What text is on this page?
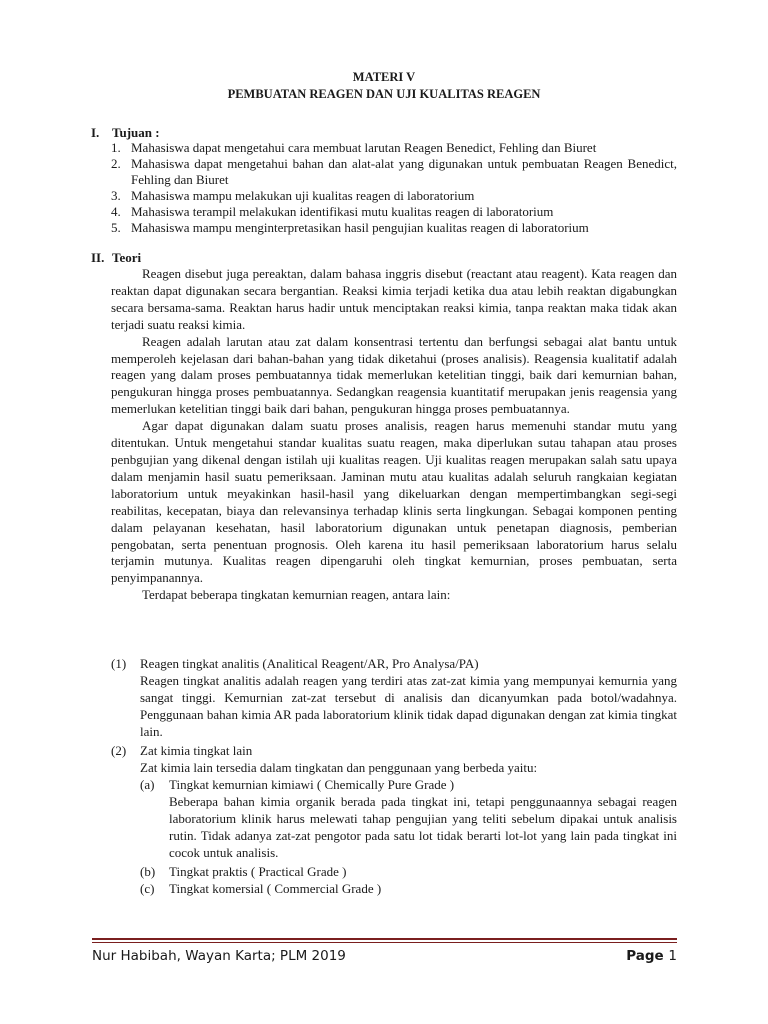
MATERI V
PEMBUATAN REAGEN DAN UJI KUALITAS REAGEN
I. Tujuan :
1. Mahasiswa dapat mengetahui cara membuat larutan Reagen Benedict, Fehling dan Biuret
2. Mahasiswa dapat mengetahui bahan dan alat-alat yang digunakan untuk pembuatan Reagen Benedict, Fehling dan Biuret
3. Mahasiswa mampu melakukan uji kualitas reagen di laboratorium
4. Mahasiswa terampil melakukan identifikasi mutu kualitas reagen di laboratorium
5. Mahasiswa mampu menginterpretasikan hasil pengujian kualitas reagen di laboratorium
II. Teori

Reagen disebut juga pereaktan, dalam bahasa inggris disebut (reactant atau reagent). Kata reagen dan reaktan dapat digunakan secara bergantian. Reaksi kimia terjadi ketika dua atau lebih reaktan digabungkan secara bersama-sama. Reaktan harus hadir untuk menciptakan reaksi kimia, tanpa reaktan maka tidak akan terjadi suatu reaksi kimia.

Reagen adalah larutan atau zat dalam konsentrasi tertentu dan berfungsi sebagai alat bantu untuk memperoleh kejelasan dari bahan-bahan yang tidak diketahui (proses analisis). Reagensia kualitatif adalah reagen yang dalam proses pembuatannya tidak memerlukan ketelitian tinggi, baik dari kemurnian bahan, pengukuran hingga proses pembuatannya. Sedangkan reagensia kuantitatif merupakan jenis reagensia yang memerlukan ketelitian tinggi baik dari bahan, pengukuran hingga proses pembuatannya.

Agar dapat digunakan dalam suatu proses analisis, reagen harus memenuhi standar mutu yang ditentukan. Untuk mengetahui standar kualitas suatu reagen, maka diperlukan sutau tahapan atau proses penbgujian yang dikenal dengan istilah uji kualitas reagen. Uji kualitas reagen merupakan salah satu upaya dalam menjamin hasil suatu pemeriksaan. Jaminan mutu atau kualitas adalah seluruh rangkaian kegiatan laboratorium untuk meyakinkan hasil-hasil yang dikeluarkan dengan mempertimbangkan segi-segi reabilitas, kecepatan, biaya dan relevansinya terhadap klinis serta lingkungan. Sebagai komponen penting dalam pelayanan kesehatan, hasil laboratorium digunakan untuk penetapan diagnosis, pemberian pengobatan, serta penentuan prognosis. Oleh karena itu hasil pemeriksaan laboratorium harus selalu terjamin mutunya. Kualitas reagen dipengaruhi oleh tingkat kemurnian, proses pembuatan, serta penyimpanannya.

Terdapat beberapa tingkatan kemurnian reagen, antara lain:

(1)	Reagen tingkat analitis (Analitical Reagent/AR, Pro Analysa/PA)
Reagen tingkat analitis adalah reagen yang terdiri atas zat-zat kimia yang mempunyai kemurnia yang sangat tinggi. Kemurnian zat-zat tersebut di analisis dan dicanyumkan pada botol/wadahnya. Penggunaan bahan kimia AR pada laboratorium klinik tidak dapad digunakan dengan zat kimia tingkat lain.
(2)	Zat kimia tingkat lain
Zat kimia lain tersedia dalam tingkatan dan penggunaan yang berbeda yaitu:
(a)	Tingkat kemurnian kimiawi ( Chemically Pure Grade )
Beberapa bahan kimia organik berada pada tingkat ini, tetapi penggunaannya sebagai reagen laboratorium klinik harus melewati tahap pengujian yang teliti sebelum dipakai untuk analisis rutin. Tidak adanya zat-zat pengotor pada satu lot tidak berarti lot-lot yang lain pada tingkat ini cocok untuk analisis.
(b)	Tingkat praktis ( Practical Grade )
(c)	Tingkat komersial ( Commercial Grade )
Nur Habibah, Wayan Karta; PLM 2019	Page 1
